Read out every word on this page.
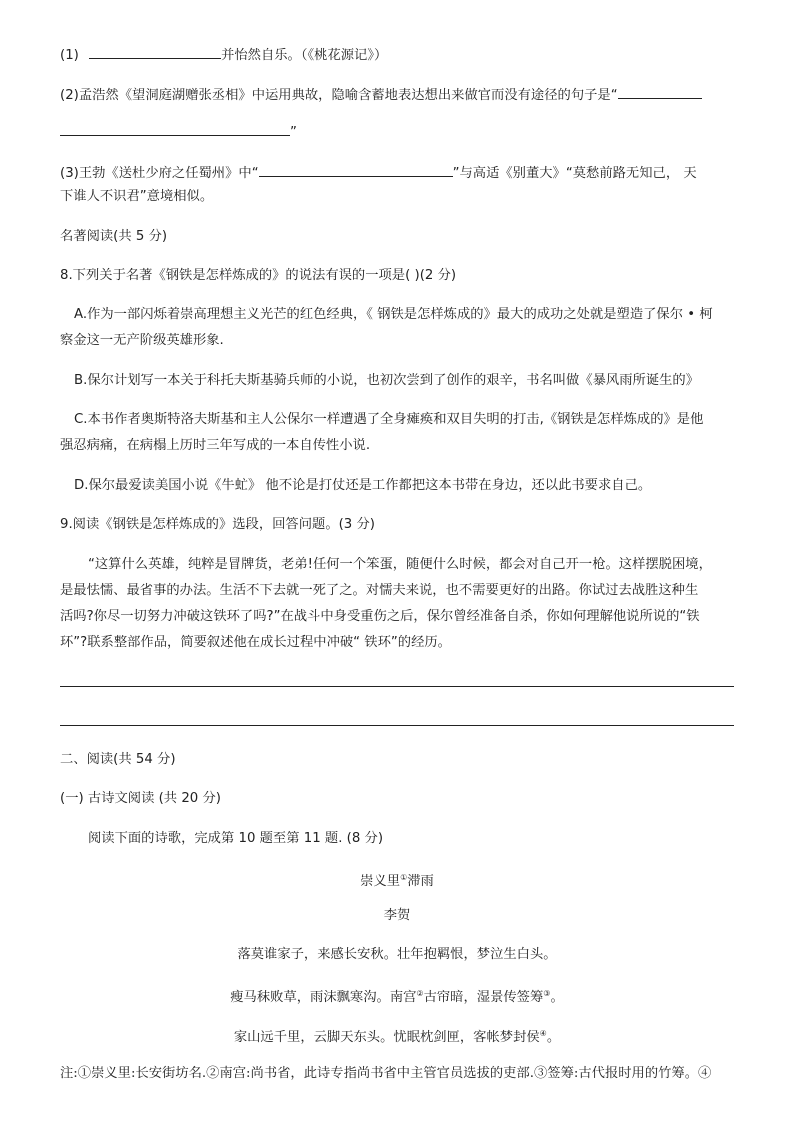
(1)	并怡然自乐。（《桃花源记》）
(2)孟浩然《望洞庭湖赠张丞相》中运用典故，隐喻含蓄地表达想出来做官而没有途径的句子是“
”
(3)王勃《送杜少府之任蜀州》中“	”与高适《别董大》“莫愁前路无知己， 天
下谁人不识君”意境相似。
名著阅读(共 5 分)
8.下列关于名著《钢铁是怎样炼成的》的说法有误的一项是( )(2 分)
A.作为一部闪烁着崇高理想主义光芒的红色经典，《 钢铁是怎样炼成的》最大的成功之处就是塑造了保尔 • 柯
察金这一无产阶级英雄形象.
B.保尔计划写一本关于科托夫斯基骑兵师的小说，也初次尝到了创作的艰辛，书名叫做《暴风雨所诞生的》
C.本书作者奥斯特洛夫斯基和主人公保尔一样遭遇了全身瘫痪和双目失明的打击,《钢铁是怎样炼成的》是他
强忍病痛，在病榻上历时三年写成的一本自传性小说.
D.保尔最爱读美国小说《牛虻》 他不论是打仗还是工作都把这本书带在身边，还以此书要求自己。
9.阅读《钢铁是怎样炼成的》选段，回答问题。(3 分)
“这算什么英雄，纯粹是冒牌货，老弟!任何一个笨蛋，随便什么时候，都会对自己开一枪。这样摆脱困境，
是最怯懦、最省事的办法。生活不下去就一死了之。对懦夫来说，也不需要更好的出路。你试过去战胜这种生
活吗?你尽一切努力冲破这铁环了吗?”在战斗中身受重伤之后，保尔曾经准备自杀，你如何理解他说所说的“铁
环”?联系整部作品，简要叙述他在成长过程中冲破“ 铁环”的经历。
二、阅读(共 54 分)
(一) 古诗文阅读 (共 20 分)
阅读下面的诗歌，完成第 10 题至第 11 题. (8 分)
崇义里①滞雨
李贺
落莫谁家子，来感长安秋。壮年抱羁恨，梦泣生白头。
瘦马秣败草，雨沫飘寒沟。南宫②古帘暗，湿景传签筹③。
家山远千里，云脚天东头。忧眠枕剑匣，客帐梦封侯④。
注:①崇义里:长安街坊名.②南宫:尚书省，此诗专指尚书省中主管官员选拔的吏部.③签筹:古代报时用的竹筹。④
